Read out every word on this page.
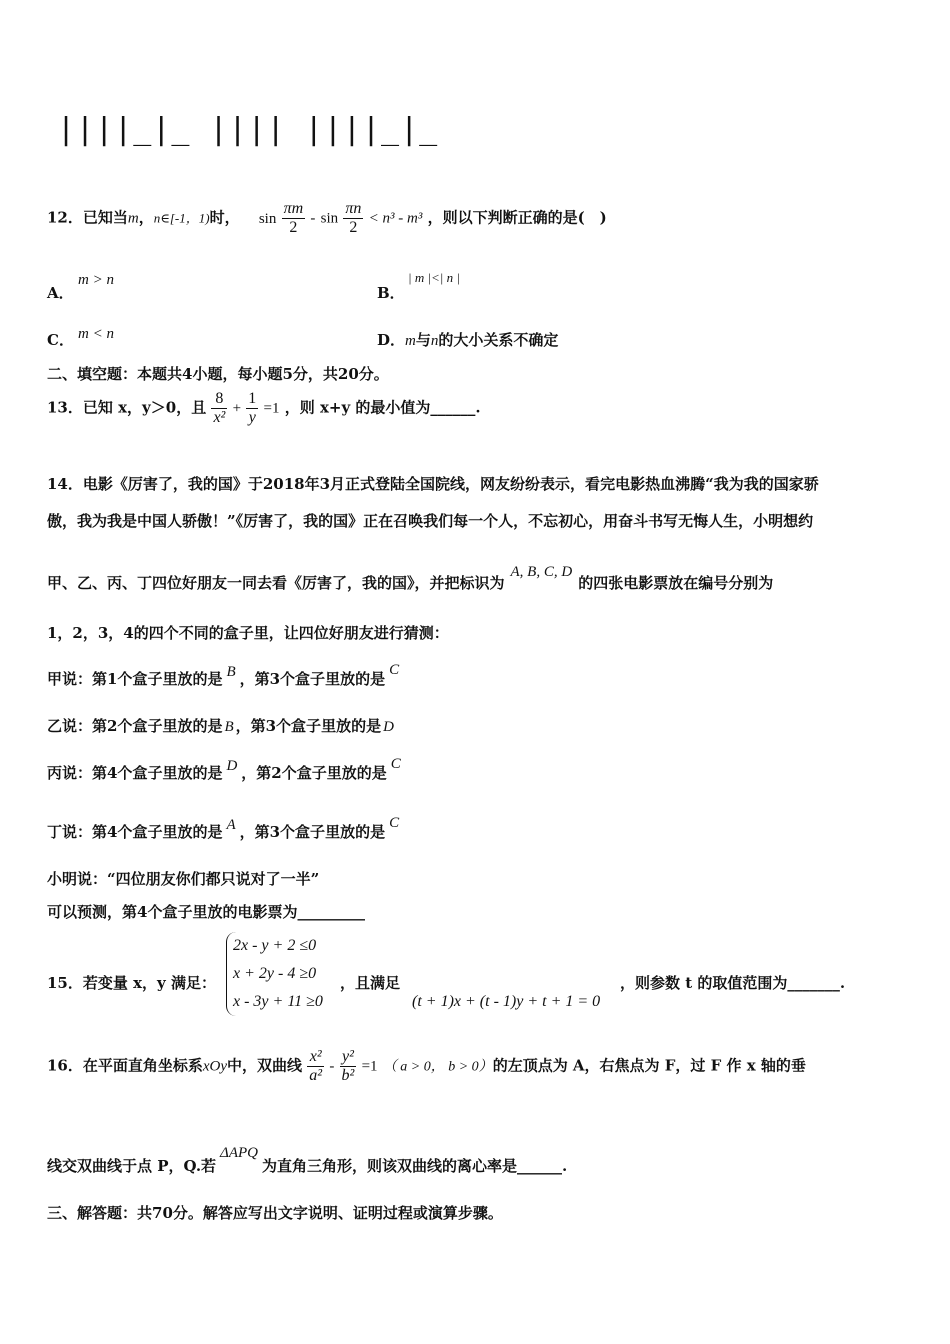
||||_|_ |||| ||||_|_
12．已知当m，n∈[-1，1)时， $\sin \frac{\pi m}{2} - \sin \frac{\pi n}{2} < n^3 - m^3$ ，则以下判断正确的是(　)
A．
m > n
B．
| m |<| n |
C． m < n	D．m与n的大小关系不确定
二、填空题：本题共4小题，每小题5分，共20分。
13．已知 x，y＞0，且 $\frac{8}{\text{x²}} + \frac{1}{y} =1$ ，则 x+y 的最小值为______.
14．电影《厉害了，我的国》于2018年3月正式登陆全国院线，网友纷纷表示，看完电影热血沸腾“我为我的国家骄
傲，我为我是中国人骄傲！”《厉害了，我的国》正在召唤我们每一个人，不忘初心，用奋斗书写无悔人生，小明想约
甲、乙、丙、丁四位好朋友一同去看《厉害了，我的国》，并把标识为A, B, C, D的四张电影票放在编号分别为
1，2，3，4的四个不同的盒子里，让四位好朋友进行猜测：
甲说：第1个盒子里放的是 B ，第3个盒子里放的是 C
乙说：第2个盒子里放的是 B ，第3个盒子里放的是 D
丙说：第4个盒子里放的是 D ，第2个盒子里放的是 C
丁说：第4个盒子里放的是 A ，第3个盒子里放的是 C
小明说：“四位朋友你们都只说对了一半”
可以预测，第4个盒子里放的电影票为_________
15．若变量 x，y 满足：
2x - y + 2 ≤0
x + 2y - 4 ≥0
x - 3y + 11 ≥0
，且满足
(t + 1)x + (t - 1)y + t + 1 = 0
，则参数 t 的取值范围为_______.
16．在平面直角坐标系xOy中，双曲线 $\frac{\text{x²}}{\text{a²}} - \frac{\text{y²}}{\text{b²}} =1$ （ a > 0， b > 0）的左顶点为 A，右焦点为 F，过 F 作 x 轴的垂
线交双曲线于点 P，Q.若ΔAPQ为直角三角形，则该双曲线的离心率是______.
三、解答题：共70分。解答应写出文字说明、证明过程或演算步骤。
